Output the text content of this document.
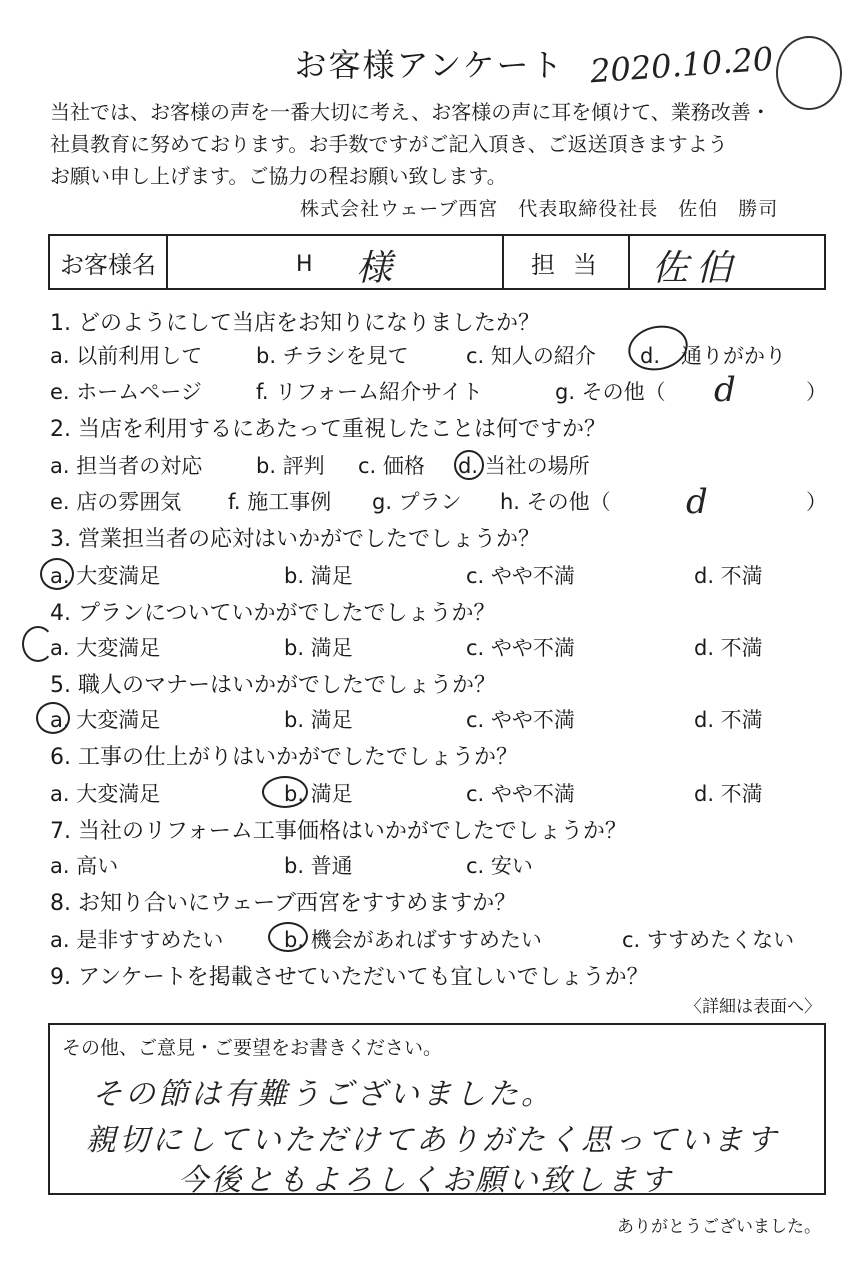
お客様アンケート 2020.10.20
当社では、お客様の声を一番大切に考え、お客様の声に耳を傾けて、業務改善・
社員教育に努めております。お手数ですがご記入頂き、ご返送頂きますよう
お願い申し上げます。ご協力の程お願い致します。
株式会社ウェーブ西宮　代表取締役社長　佐伯　勝司
お客様名	H 様	担当	佐伯
1. どのようにして当店をお知りになりましたか？
a. 以前利用して	b. チラシを見て	c. 知人の紹介 d.　通りがかり
e. ホームページ	f. リフォーム紹介サイト	g. その他（ d	）
2. 当店を利用するにあたって重視したことは何ですか？
a. 担当者の対応	b. 評判 c. 価格 d. 当社の場所
e. 店の雰囲気 f. 施工事例 g. プラン h. その他（ d	）
3. 営業担当者の応対はいかがでしたでしょうか？
a. 大変満足	b. 満足	c. やや不満	d. 不満
4. プランについていかがでしたでしょうか？
a. 大変満足	b. 満足	c. やや不満	d. 不満
5. 職人のマナーはいかがでしたでしょうか？
a. 大変満足	b. 満足	c. やや不満	d. 不満
6. 工事の仕上がりはいかがでしたでしょうか？
a. 大変満足	b. 満足	c. やや不満	d. 不満
7. 当社のリフォーム工事価格はいかがでしたでしょうか？
a. 高い	b. 普通	c. 安い
8. お知り合いにウェーブ西宮をすすめますか？
a. 是非すすめたい	b. 機会があればすすめたい	c. すすめたくない
9. アンケートを掲載させていただいても宜しいでしょうか？
〈詳細は表面へ〉
その他、ご意見・ご要望をお書きください。
その節は有難うございました。
親切にしていただけてありがたく思っています
今後ともよろしくお願い致します
ありがとうございました。
